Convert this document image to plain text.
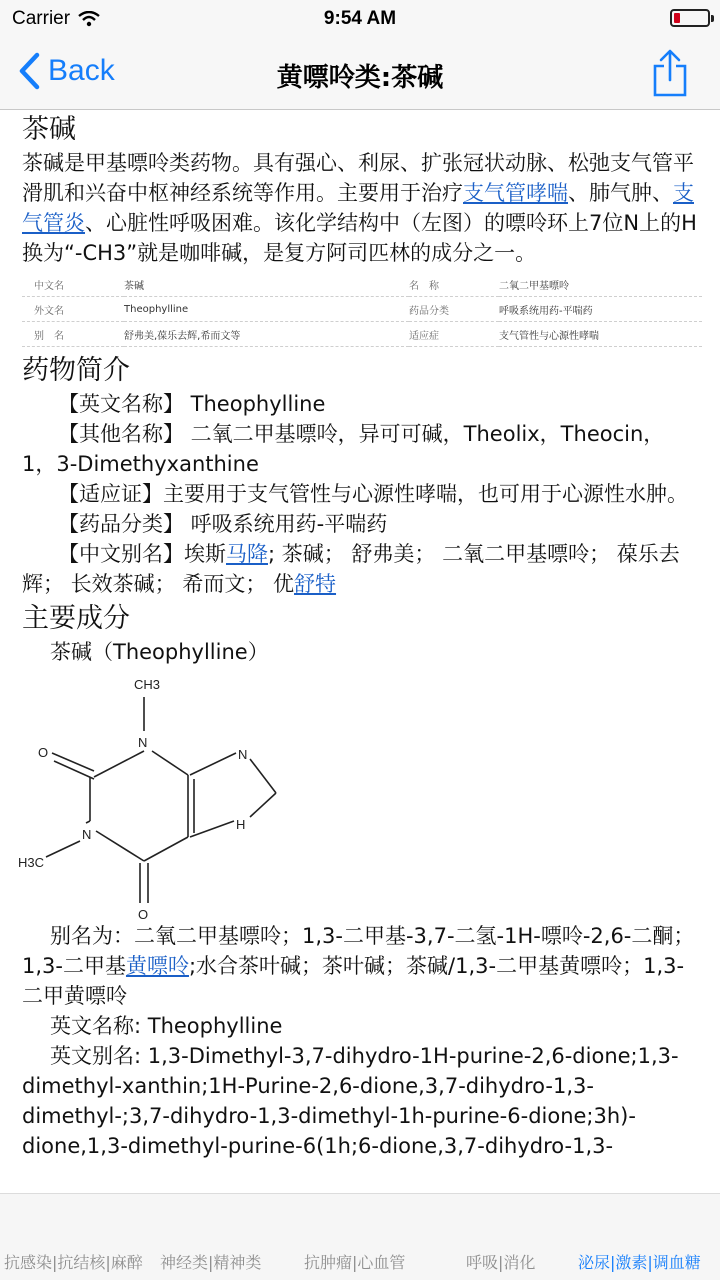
Carrier	9:54 AM
Back	黄嘌呤类:茶碱
茶碱

茶碱是甲基嘌呤类药物。具有强心、利尿、扩张冠状动脉、松弛支气管平滑肌和兴奋中枢神经系统等作用。主要用于治疗支气管哮喘、肺气肿、支气管炎、心脏性呼吸困难。该化学结构中（左图）的嘌呤环上7位N上的H换为“-CH3”就是咖啡碱，是复方阿司匹林的成分之一。

中文名	茶碱	名　称	二氧二甲基嘌呤
外文名	Theophylline	药品分类	呼吸系统用药-平喘药
别　名	舒弗美,葆乐去辉,希而文等	适应症	支气管性与心源性哮喘
药物简介

【英文名称】 Theophylline

【其他名称】 二氧二甲基嘌呤，异可可碱，Theolix，Theocin，1，3-Dimethyxanthine

【适应证】主要用于支气管性与心源性哮喘，也可用于心源性水肿。

【药品分类】 呼吸系统用药-平喘药

【中文别名】埃斯马降; 茶碱； 舒弗美； 二氧二甲基嘌呤； 葆乐去辉； 长效茶碱； 希而文； 优舒特

主要成分

茶碱（Theophylline）

CH3
N
O	N
N
H
H3C
O

别名为：二氧二甲基嘌呤；1,3-二甲基-3,7-二氢-1H-嘌呤-2,6-二酮；1,3-二甲基黄嘌呤;水合茶叶碱；茶叶碱；茶碱/1,3-二甲基黄嘌呤；1,3-二甲黄嘌呤

英文名称: Theophylline

英文别名: 1,3-Dimethyl-3,7-dihydro-1H-purine-2,6-dione;1,3-dimethyl-xanthin;1H-Purine-2,6-dione,3,7-dihydro-1,3-dimethyl-;3,7-dihydro-1,3-dimethyl-1h-purine-6-dione;3h)-dione,1,3-dimethyl-purine-6(1h;6-dione,3,7-dihydro-1,3-

抗感染|抗结核|麻醉 神经类|精神类	抗肿瘤|心血管	呼吸|消化	泌尿|激素|调血糖
